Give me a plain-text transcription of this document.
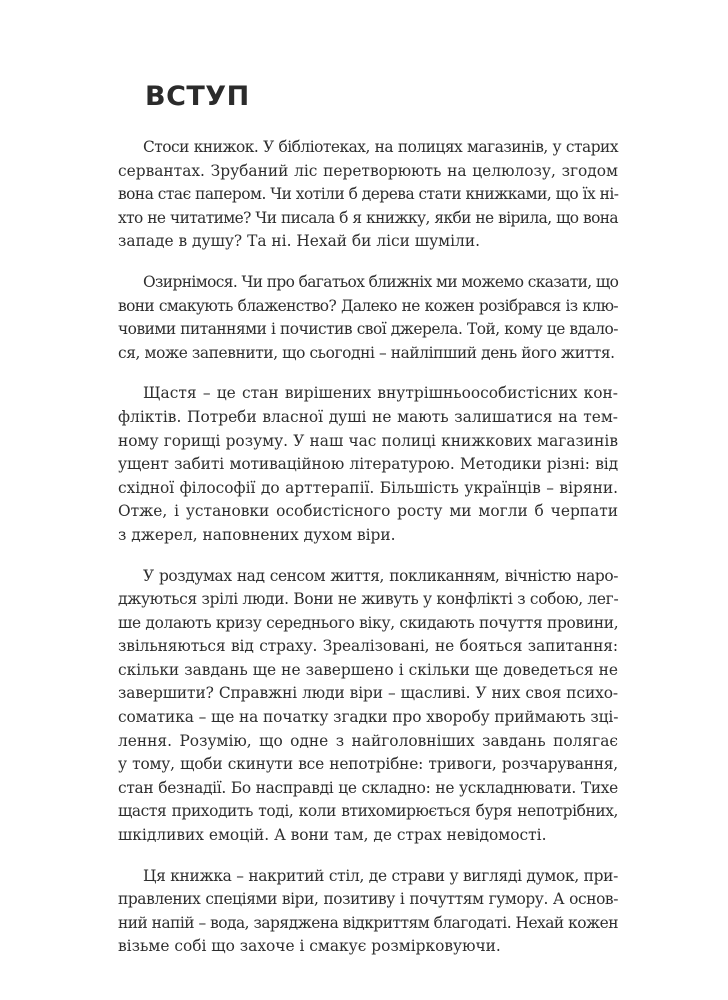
ВСТУП
Стоси книжок. У бібліотеках, на полицях магазинів, у старих
сервантах. Зрубаний ліс перетворюють на целюлозу, згодом
вона стає папером. Чи хотіли б дерева стати книжками, що їх ні-
хто не читатиме? Чи писала б я книжку, якби не вірила, що вона
западе в душу? Та ні. Нехай би ліси шуміли.
Озирнімося. Чи про багатьох ближніх ми можемо сказати, що
вони смакують блаженство? Далеко не кожен розібрався із клю-
човими питаннями і почистив свої джерела. Той, кому це вдало-
ся, може запевнити, що сьогодні – найліпший день його життя.
Щастя – це стан вирішених внутрішньоособистісних кон-
фліктів. Потреби власної душі не мають залишатися на тем-
ному горищі розуму. У наш час полиці книжкових магазинів
ущент забиті мотиваційною літературою. Методики різні: від
східної філософії до арттерапії. Більшість українців – віряни.
Отже, і установки особистісного росту ми могли б черпати
з джерел, наповнених духом віри.
У роздумах над сенсом життя, покликанням, вічністю наро-
джуються зрілі люди. Вони не живуть у конфлікті з собою, лег-
ше долають кризу середнього віку, скидають почуття провини,
звільняються від страху. Зреалізовані, не бояться запитання:
скільки завдань ще не завершено і скільки ще доведеться не
завершити? Справжні люди віри – щасливі. У них своя психо-
соматика – ще на початку згадки про хворобу приймають зці-
лення. Розумію, що одне з найголовніших завдань полягає
у тому, щоби скинути все непотрібне: тривоги, розчарування,
стан безнадії. Бо насправді це складно: не ускладнювати. Тихе
щастя приходить тоді, коли втихомирюється буря непотрібних,
шкідливих емоцій. А вони там, де страх невідомості.
Ця книжка – накритий стіл, де страви у вигляді думок, при-
правлених спеціями віри, позитиву і почуттям гумору. А основ-
ний напій – вода, заряджена відкриттям благодаті. Нехай кожен
візьме собі що захоче і смакує розмірковуючи.
